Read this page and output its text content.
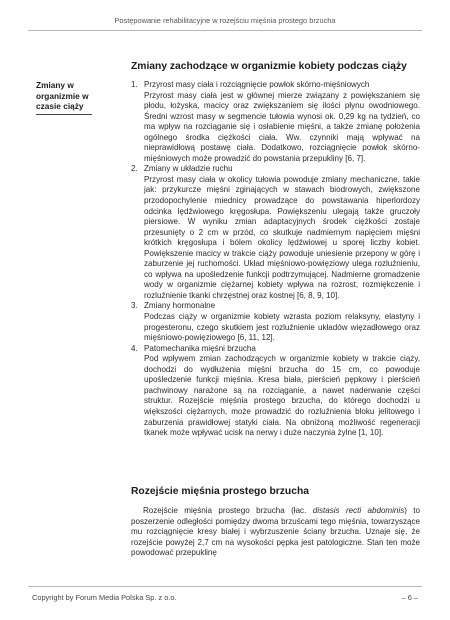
Postępowanie rehabilitacyjne w rozejściu mięśnia prostego brzucha
Zmiany w organizmie w czasie ciąży
Zmiany zachodzące w organizmie kobiety podczas ciąży
1. Przyrost masy ciała i rozciągnięcie powłok skórno-mięśniowych
Przyrost masy ciała jest w głównej mierze związany z powiększaniem się płodu, łożyska, macicy oraz zwiększaniem się ilości płynu owodniowego. Średni wzrost masy w segmencie tułowia wynosi ok. 0,29 kg na tydzień, co ma wpływ na rozciąganie się i osłabienie mięśni, a także zmianę położenia ogólnego środka ciężkości ciała. Ww. czynniki mają wpływać na nieprawidłową postawę ciała. Dodatkowo, rozciągnięcie powłok skórno-mięśniowych może prowadzić do powstania przepukliny [6, 7].
2. Zmiany w układzie ruchu
Przyrost masy ciała w okolicy tułowia powoduje zmiany mechaniczne, takie jak: przykurcze mięśni zginających w stawach biodrowych, zwiększone przodopochylenie miednicy prowadzące do powstawania hiperlordozy odcinka lędźwiowego kręgosłupa. Powiększeniu ulegają także gruczoły piersiowe. W wyniku zmian adaptacyjnych środek ciężkości zostaje przesunięty o 2 cm w przód, co skutkuje nadmiernym napięciem mięśni krótkich kręgosłupa i bólem okolicy lędźwiowej u sporej liczby kobiet. Powiększenie macicy w trakcie ciąży powoduje uniesienie przepony w górę i zaburzenie jej ruchomości. Układ mięśniowo-powięziowy ulega rozluźnieniu, co wpływa na upośledzenie funkcji podtrzymującej. Nadmierne gromadzenie wody w organizmie ciężarnej kobiety wpływa na rozrost, rozmiękczenie i rozluźnienie tkanki chrzęstnej oraz kostnej [6, 8, 9, 10].
3. Zmiany hormonalne
Podczas ciąży w organizmie kobiety wzrasta poziom relaksyny, elastyny i progesteronu, czego skutkiem jest rozluźnienie układów więzadłowego oraz mięśniowo-powięziowego [6, 11, 12].
4. Patomechanika mięśni brzucha
Pod wpływem zmian zachodzących w organizmie kobiety w trakcie ciąży, dochodzi do wydłużenia mięśni brzucha do 15 cm, co powoduje upośledzenie funkcji mięśnia. Kresa biała, pierścień pępkowy i pierścień pachwinowy narażone są na rozciąganie, a nawet naderwanie części struktur. Rozejście mięśnia prostego brzucha, do którego dochodzi u większości ciężarnych, może prowadzić do rozluźnienia bloku jelitowego i zaburzenia prawidłowej statyki ciała. Na obniżoną możliwość regeneracji tkanek może wpływać ucisk na nerwy i duże naczynia żylne [1, 10].
Rozejście mięśnia prostego brzucha

Rozejście mięśnia prostego brzucha (łac. distasis recti abdominis) to poszerzenie odległości pomiędzy dwoma brzuścami tego mięśnia, towarzyszące mu rozciągnięcie kresy białej i wybrzuszenie ściany brzucha. Uznaje się, że rozejście powyżej 2,7 cm na wysokości pępka jest patologiczne. Stan ten może powodować przepuklinę

Copyright by Forum Media Polska Sp. z o.o.	– 6 –
